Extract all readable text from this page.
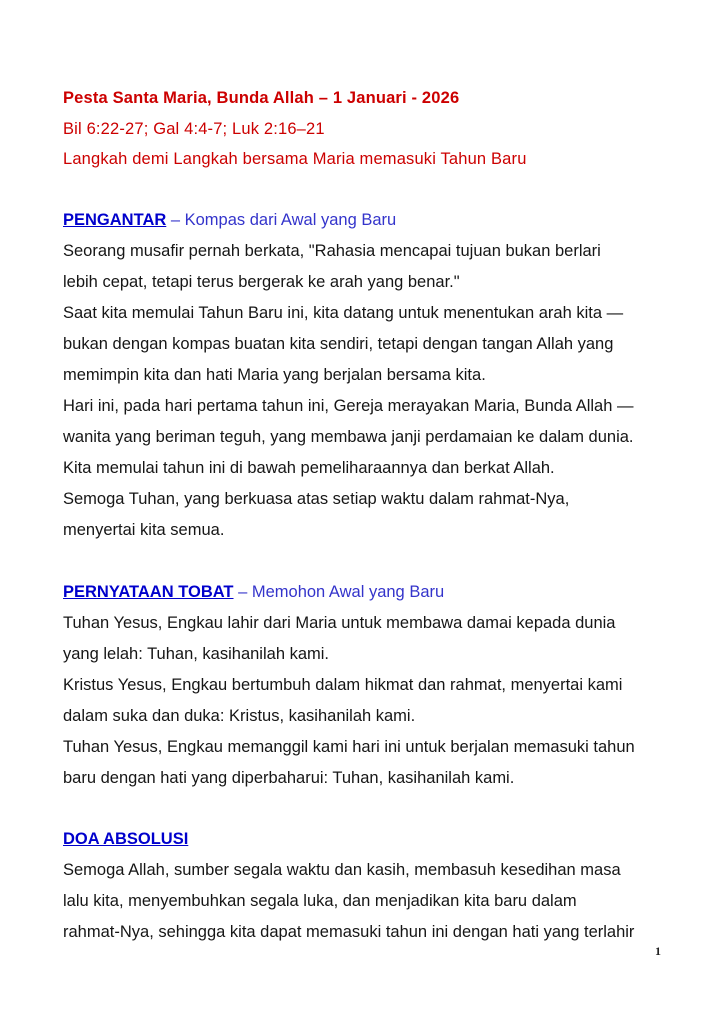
Pesta Santa Maria, Bunda Allah – 1 Januari - 2026
Bil 6:22-27; Gal 4:4-7; Luk 2:16–21
Langkah demi Langkah bersama Maria memasuki Tahun Baru
PENGANTAR – Kompas dari Awal yang Baru
Seorang musafir pernah berkata, "Rahasia mencapai tujuan bukan berlari
lebih cepat, tetapi terus bergerak ke arah yang benar."
Saat kita memulai Tahun Baru ini, kita datang untuk menentukan arah kita —
bukan dengan kompas buatan kita sendiri, tetapi dengan tangan Allah yang
memimpin kita dan hati Maria yang berjalan bersama kita.
Hari ini, pada hari pertama tahun ini, Gereja merayakan Maria, Bunda Allah —
wanita yang beriman teguh, yang membawa janji perdamaian ke dalam dunia.
Kita memulai tahun ini di bawah pemeliharaannya dan berkat Allah.
Semoga Tuhan, yang berkuasa atas setiap waktu dalam rahmat-Nya,
menyertai kita semua.
PERNYATAAN TOBAT – Memohon Awal yang Baru
Tuhan Yesus, Engkau lahir dari Maria untuk membawa damai kepada dunia
yang lelah: Tuhan, kasihanilah kami.
Kristus Yesus, Engkau bertumbuh dalam hikmat dan rahmat, menyertai kami
dalam suka dan duka: Kristus, kasihanilah kami.
Tuhan Yesus, Engkau memanggil kami hari ini untuk berjalan memasuki tahun
baru dengan hati yang diperbaharui: Tuhan, kasihanilah kami.
DOA ABSOLUSI
Semoga Allah, sumber segala waktu dan kasih, membasuh kesedihan masa
lalu kita, menyembuhkan segala luka, dan menjadikan kita baru dalam
rahmat-Nya, sehingga kita dapat memasuki tahun ini dengan hati yang terlahir
1
